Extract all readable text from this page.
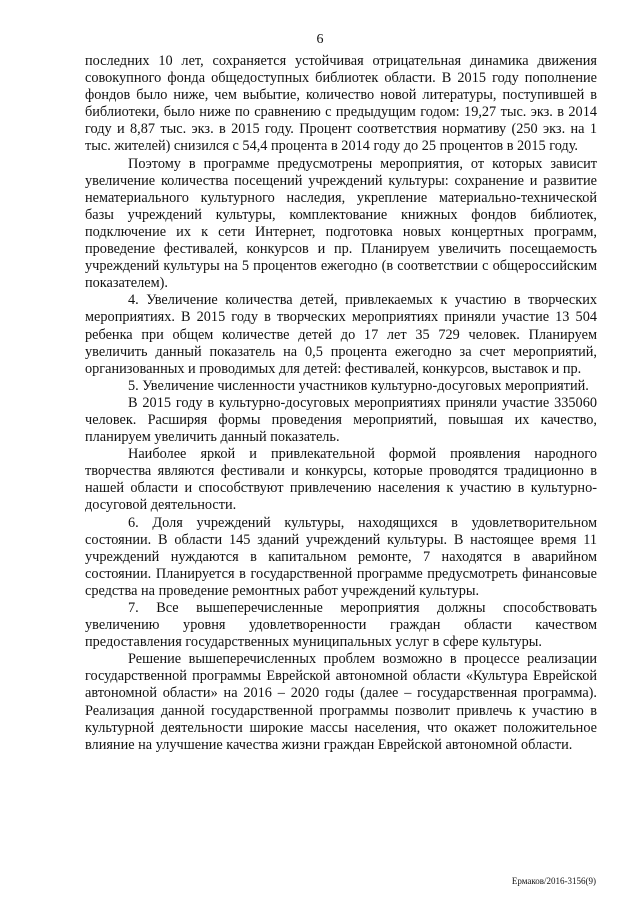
6

последних 10 лет, сохраняется устойчивая отрицательная динамика движения совокупного фонда общедоступных библиотек области. В 2015 году пополнение фондов было ниже, чем выбытие, количество новой литературы, поступившей в библиотеки, было ниже по сравнению с предыдущим годом: 19,27 тыс. экз. в 2014 году и 8,87 тыс. экз. в 2015 году. Процент соответствия нормативу (250 экз. на 1 тыс. жителей) снизился с 54,4 процента в 2014 году до 25 процентов в 2015 году.

Поэтому в программе предусмотрены мероприятия, от которых зависит увеличение количества посещений учреждений культуры: сохранение и развитие нематериального культурного наследия, укрепление материально-технической базы учреждений культуры, комплектование книжных фондов библиотек, подключение их к сети Интернет, подготовка новых концертных программ, проведение фестивалей, конкурсов и пр. Планируем увеличить посещаемость учреждений культуры на 5 процентов ежегодно (в соответствии с общероссийским показателем).

4. Увеличение количества детей, привлекаемых к участию в творческих мероприятиях. В 2015 году в творческих мероприятиях приняли участие 13 504 ребенка при общем количестве детей до 17 лет 35 729 человек. Планируем увеличить данный показатель на 0,5 процента ежегодно за счет мероприятий, организованных и проводимых для детей: фестивалей, конкурсов, выставок и пр.

5. Увеличение численности участников культурно-досуговых мероприятий.

В 2015 году в культурно-досуговых мероприятиях приняли участие 335060 человек. Расширяя формы проведения мероприятий, повышая их качество, планируем увеличить данный показатель.

Наиболее яркой и привлекательной формой проявления народного творчества являются фестивали и конкурсы, которые проводятся традиционно в нашей области и способствуют привлечению населения к участию в культурно-досуговой деятельности.

6. Доля учреждений культуры, находящихся в удовлетворительном состоянии. В области 145 зданий учреждений культуры. В настоящее время 11 учреждений нуждаются в капитальном ремонте, 7 находятся в аварийном состоянии. Планируется в государственной программе предусмотреть финансовые средства на проведение ремонтных работ учреждений культуры.

7. Все вышеперечисленные мероприятия должны способствовать увеличению уровня удовлетворенности граждан области качеством предоставления государственных муниципальных услуг в сфере культуры.

Решение вышеперечисленных проблем возможно в процессе реализации государственной программы Еврейской автономной области «Культура Еврейской автономной области» на 2016 – 2020 годы (далее – государственная программа). Реализация данной государственной программы позволит привлечь к участию в культурной деятельности широкие массы населения, что окажет положительное влияние на улучшение качества жизни граждан Еврейской автономной области.

Ермаков/2016-3156(9)
